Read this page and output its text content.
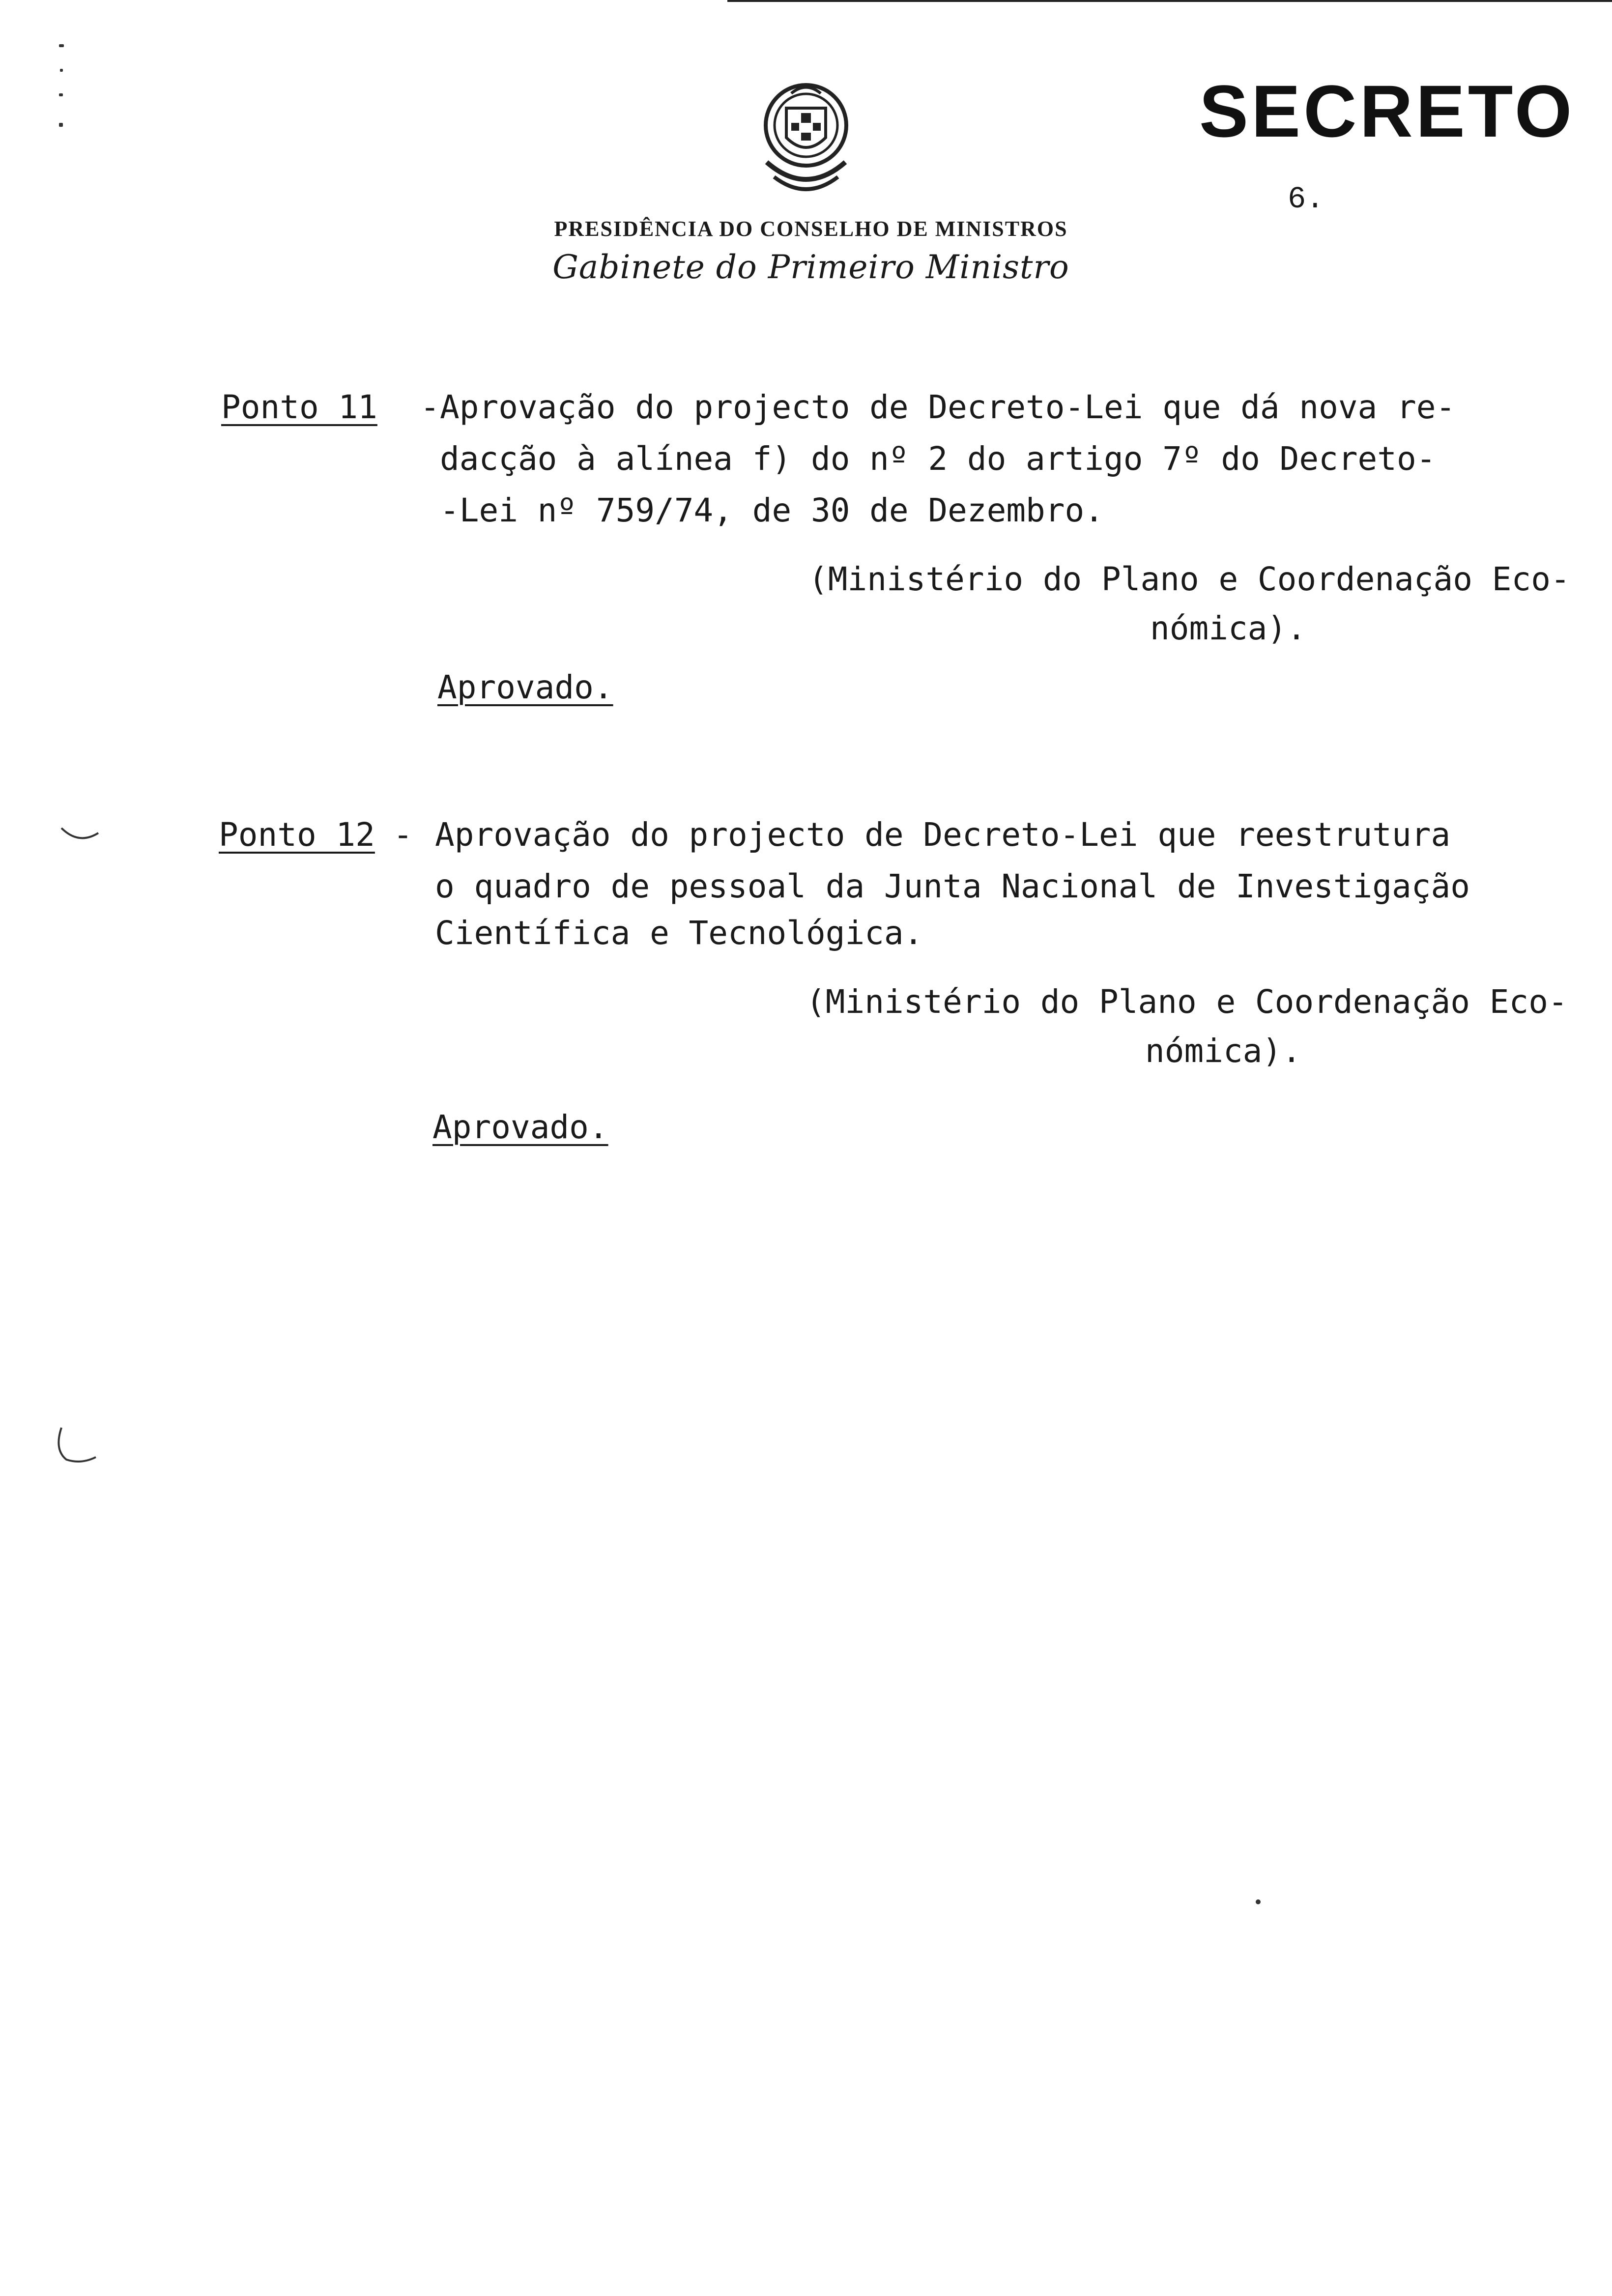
SECRETO
6.
PRESIDÊNCIA DO CONSELHO DE MINISTROS
Gabinete do Primeiro Ministro
Ponto 11 - Aprovação do projecto de Decreto-Lei que dá nova re-
dacção à alínea f) do nº 2 do artigo 7º do Decreto-
-Lei nº 759/74, de 30 de Dezembro.
(Ministério do Plano e Coordenação Eco-
nómica).
Aprovado.
Ponto 12 - Aprovação do projecto de Decreto-Lei que reestrutura
o quadro de pessoal da Junta Nacional de Investigação
Científica e Tecnológica.
(Ministério do Plano e Coordenação Eco-
nómica).
Aprovado.
